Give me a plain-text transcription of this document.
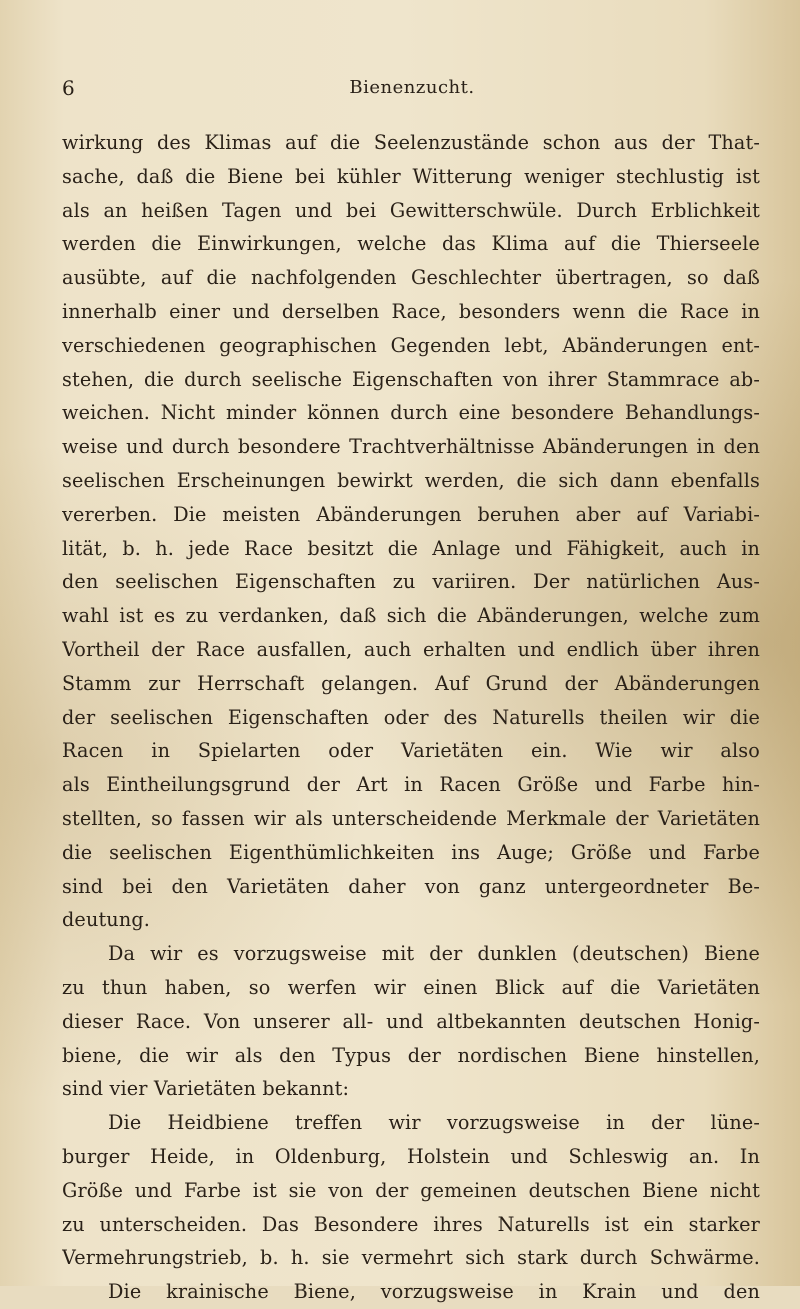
6	Bienenzucht.
wirkung des Klimas auf die Seelenzustände schon aus der That-
sache, daß die Biene bei kühler Witterung weniger stechlustig ist
als an heißen Tagen und bei Gewitterschwüle. Durch Erblichkeit
werden die Einwirkungen, welche das Klima auf die Thierseele
ausübte, auf die nachfolgenden Geschlechter übertragen, so daß
innerhalb einer und derselben Race, besonders wenn die Race in
verschiedenen geographischen Gegenden lebt, Abänderungen ent-
stehen, die durch seelische Eigenschaften von ihrer Stammrace ab-
weichen. Nicht minder können durch eine besondere Behandlungs-
weise und durch besondere Trachtverhältnisse Abänderungen in den
seelischen Erscheinungen bewirkt werden, die sich dann ebenfalls
vererben. Die meisten Abänderungen beruhen aber auf Variabi-
lität, b. h. jede Race besitzt die Anlage und Fähigkeit, auch in
den seelischen Eigenschaften zu variiren. Der natürlichen Aus-
wahl ist es zu verdanken, daß sich die Abänderungen, welche zum
Vortheil der Race ausfallen, auch erhalten und endlich über ihren
Stamm zur Herrschaft gelangen. Auf Grund der Abänderungen
der seelischen Eigenschaften oder des Naturells theilen wir die
Racen in Spielarten oder Varietäten ein. Wie wir also
als Eintheilungsgrund der Art in Racen Größe und Farbe hin-
stellten, so fassen wir als unterscheidende Merkmale der Varietäten
die seelischen Eigenthümlichkeiten ins Auge; Größe und Farbe
sind bei den Varietäten daher von ganz untergeordneter Be-
deutung.
Da wir es vorzugsweise mit der dunklen (deutschen) Biene
zu thun haben, so werfen wir einen Blick auf die Varietäten
dieser Race. Von unserer all- und altbekannten deutschen Honig-
biene, die wir als den Typus der nordischen Biene hinstellen,
sind vier Varietäten bekannt:
Die Heidbiene treffen wir vorzugsweise in der lüne-
burger Heide, in Oldenburg, Holstein und Schleswig an. In
Größe und Farbe ist sie von der gemeinen deutschen Biene nicht
zu unterscheiden. Das Besondere ihres Naturells ist ein starker
Vermehrungstrieb, b. h. sie vermehrt sich stark durch Schwärme.
Die krainische Biene, vorzugsweise in Krain und den
